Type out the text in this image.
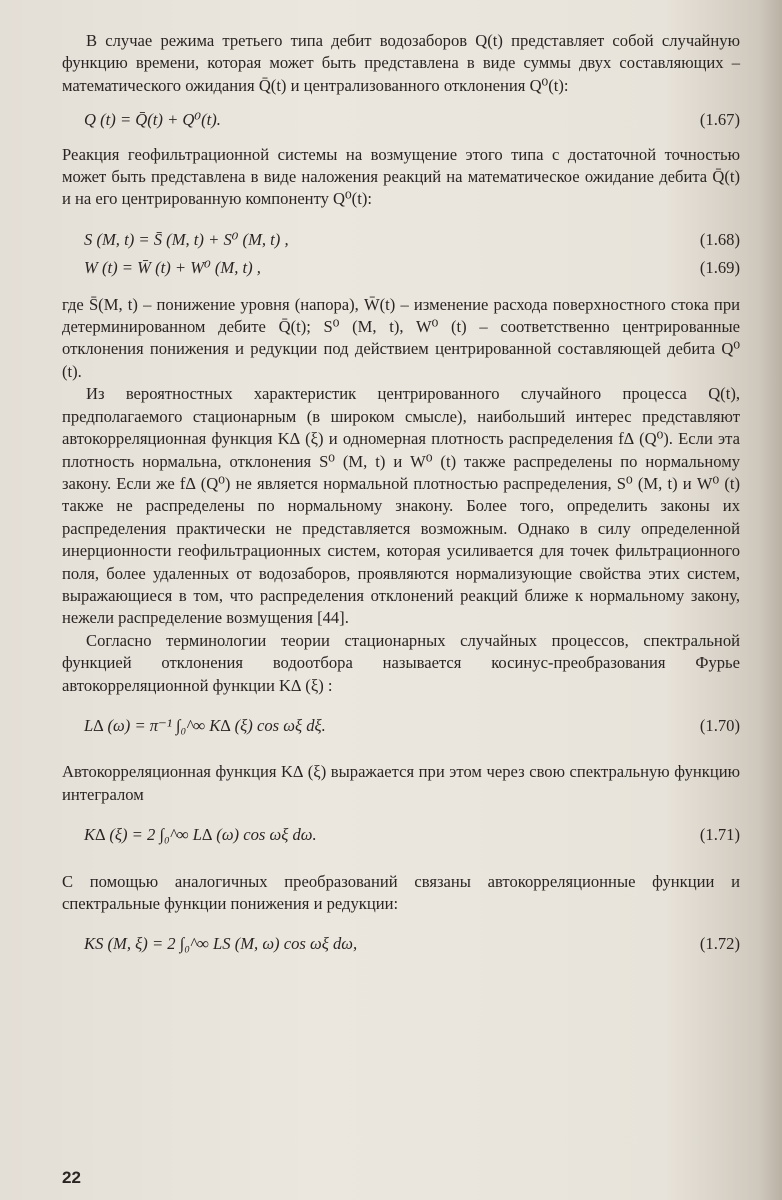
В случае режима третьего типа дебит водозаборов Q(t) представляет собой случайную функцию времени, которая может быть представлена в виде суммы двух составляющих – математического ожидания Q̄(t) и централизованного отклонения Q⁰(t):

Q (t) = Q̄(t) + Q⁰(t).	(1.67)

Реакция геофильтрационной системы на возмущение этого типа с достаточной точностью может быть представлена в виде наложения реакций на математическое ожидание дебита Q̄(t) и на его центрированную компоненту Q⁰(t):

S (M, t) = S̄ (M, t) + S⁰ (M, t) ,	(1.68)
W (t) = W̄ (t) + W⁰ (M, t) ,	(1.69)

где S̄(M, t) – понижение уровня (напора), W̄(t) – изменение расхода поверхностного стока при детерминированном дебите Q̄(t); S⁰ (M, t), W⁰ (t) – соответственно центрированные отклонения понижения и редукции под действием центрированной составляющей дебита Q⁰ (t).

Из вероятностных характеристик центрированного случайного процесса Q(t), предполагаемого стационарным (в широком смысле), наибольший интерес представляют автокорреляционная функция K∆ (ξ) и одномерная плотность распределения f∆ (Q⁰). Если эта плотность нормальна, отклонения S⁰ (M, t) и W⁰ (t) также распределены по нормальному закону. Если же f∆ (Q⁰) не является нормальной плотностью распределения, S⁰ (M, t) и W⁰ (t) также не распределены по нормальному знакону. Более того, определить законы их распределения практически не представляется возможным. Однако в силу определенной инерционности геофильтрационных систем, которая усиливается для точек фильтрационного поля, более удаленных от водозаборов, проявляются нормализующие свойства этих систем, выражающиеся в том, что распределения отклонений реакций ближе к нормальному закону, нежели распределение возмущения [44].

Согласно терминологии теории стационарных случайных процессов, спектральной функцией отклонения водоотбора называется косинус-преобразования Фурье автокорреляционной функции K∆ (ξ) :

L∆ (ω) = π⁻¹ ∫₀^∞ K∆ (ξ) cos ωξ dξ.	(1.70)

Автокорреляционная функция K∆ (ξ) выражается при этом через свою спектральную функцию интегралом

K∆ (ξ) = 2 ∫₀^∞ L∆ (ω) cos ωξ dω.	(1.71)

С помощью аналогичных преобразований связаны автокорреляционные функции и спектральные функции понижения и редукции:

KS (M, ξ) = 2 ∫₀^∞ LS (M, ω) cos ωξ dω,	(1.72)
22
